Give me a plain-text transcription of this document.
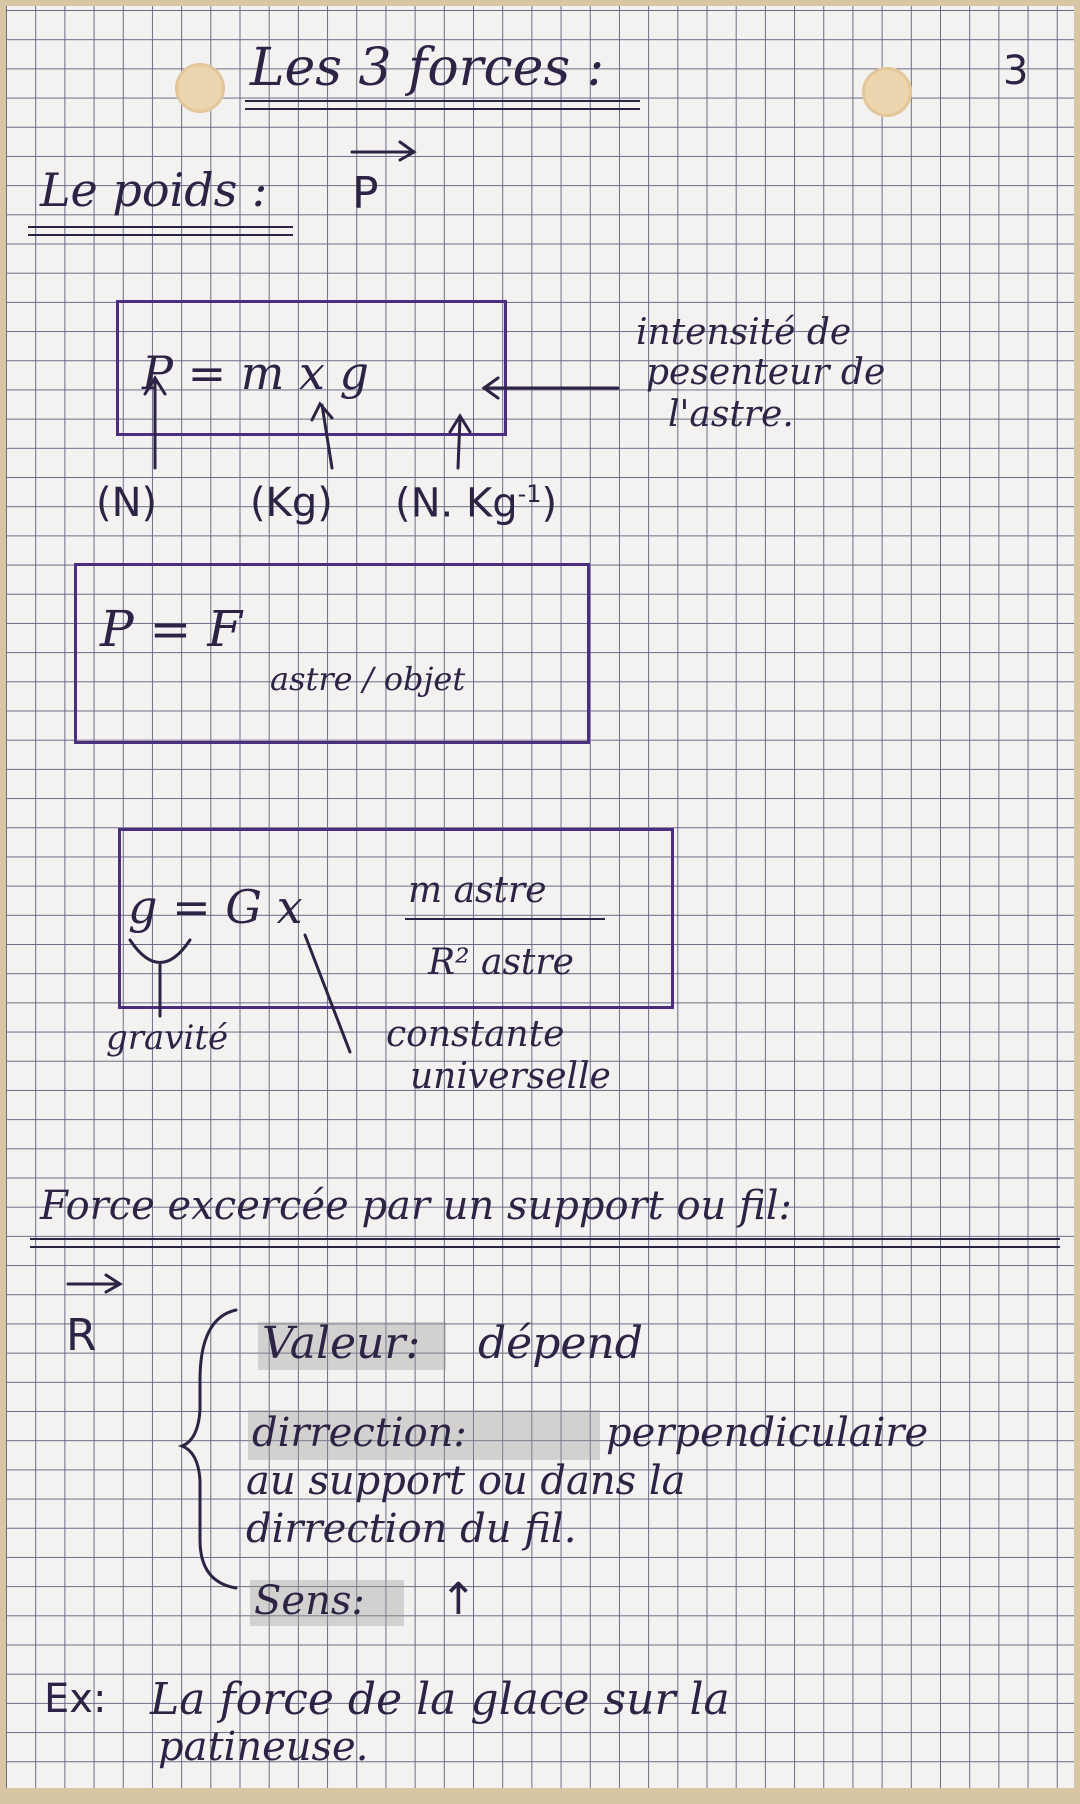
Les 3 forces :	3
Le poids : P
P = m x g
intensité de
pesenteur de
l'astre.
(N) (Kg) (N. $Kg^{-1}$)
P = F
astre / objet
g = G x	m astre
R² astre
gravité	constante
universelle
Force excercée par un support ou fil:
R	Valeur: dépend
dirrection:	perpendiculaire
au support ou dans la
dirrection du fil.
Sens: ↑
Ex: La force de la glace sur la
patineuse.
